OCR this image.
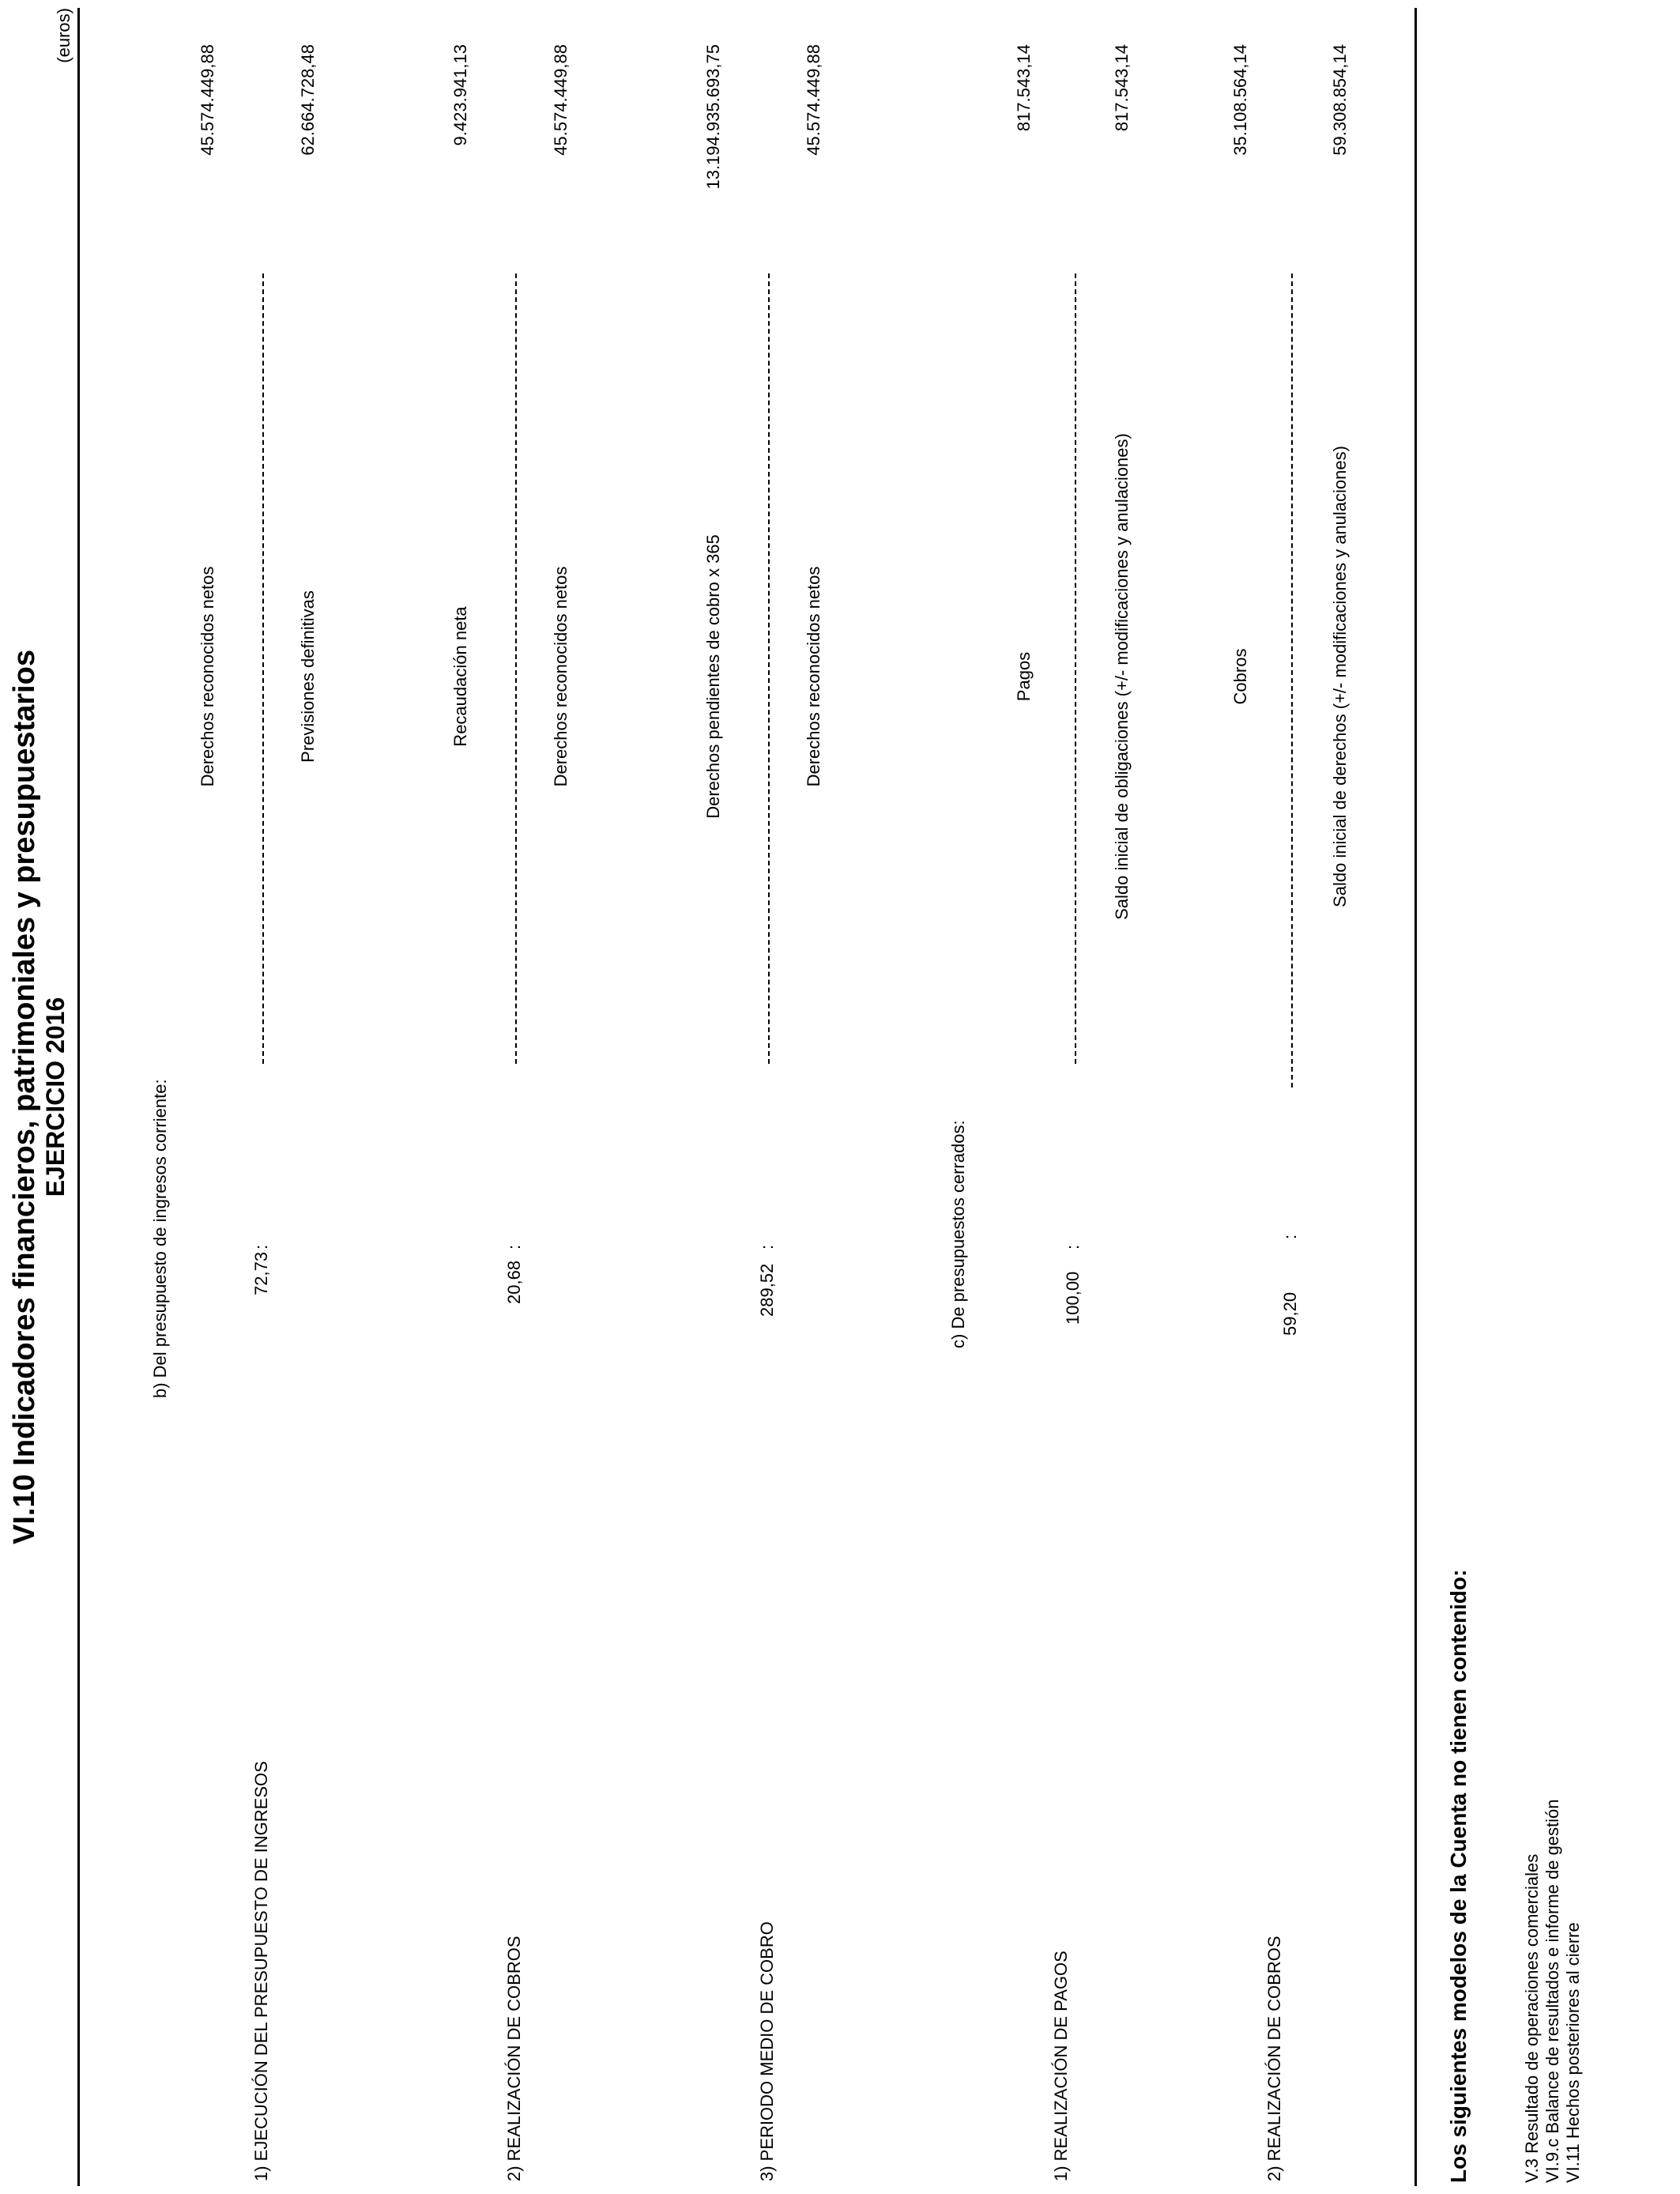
VI.10 Indicadores financieros, patrimoniales y presupuestarios EJERCICIO 2016
(euros)
b) Del presupuesto de ingresos corriente:
1) EJECUCIÓN DEL PRESUPUESTO DE INGRESOS
72,73
:
Derechos reconocidos netos	Previsiones definitivas
45.574.449,88	62.664.728,48
2) REALIZACIÓN DE COBROS
20,68
:
Recaudación neta	Derechos reconocidos netos
9.423.941,13	45.574.449,88
3) PERIODO MEDIO DE COBRO
289,52
:
Derechos pendientes de cobro x 365	Derechos reconocidos netos
13.194.935.693,75	45.574.449,88
c) De presupuestos cerrados:
1) REALIZACIÓN DE PAGOS
100,00
:
Pagos	Saldo inicial de obligaciones (+/- modificaciones y anulaciones)
817.543,14	817.543,14
2) REALIZACIÓN DE COBROS
59,20
:
Cobros	Saldo inicial de derechos (+/- modificaciones y anulaciones)
35.108.564,14	59.308.854,14
Los siguientes modelos de la Cuenta no tienen contenido:	V.3 Resultado de operaciones comerciales VI.9.c Balance de resultados e informe de gestión VI.11 Hechos posteriores al cierre
